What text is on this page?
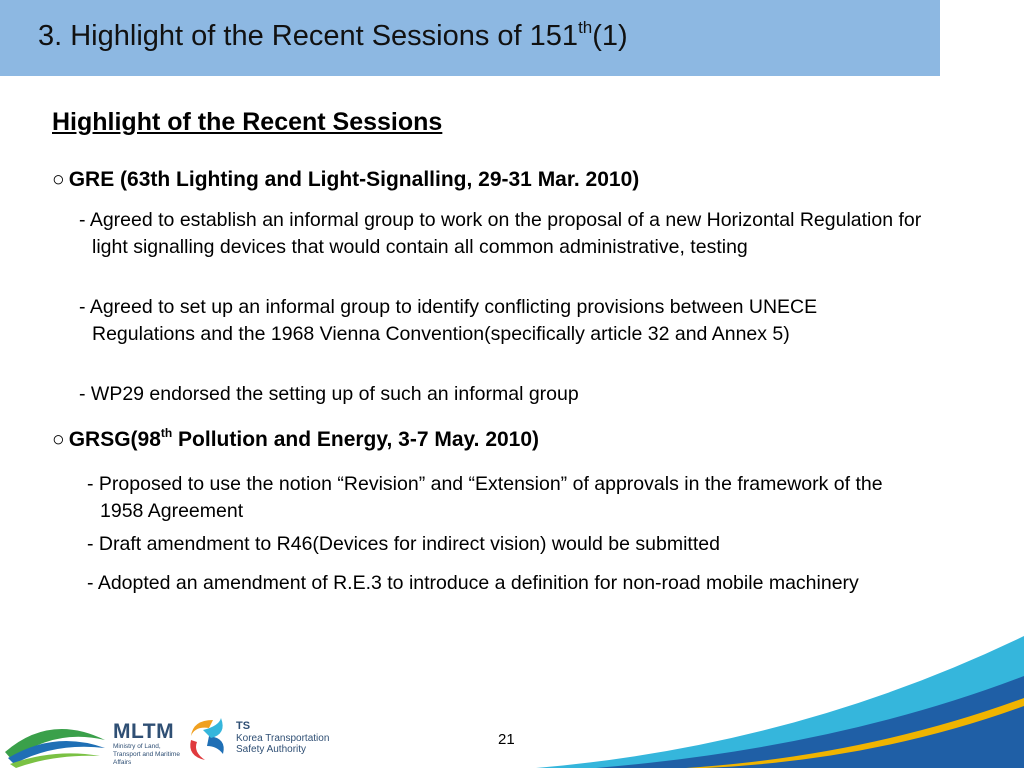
3. Highlight of the Recent Sessions of 151th(1)
Highlight of the Recent Sessions
○ GRE (63th Lighting and Light-Signalling, 29-31 Mar. 2010)
- Agreed to establish an informal group to work on the proposal of a new Horizontal Regulation for light signalling devices that would contain all common administrative, testing
- Agreed to set up an informal group to identify conflicting provisions between UNECE Regulations and the 1968 Vienna Convention(specifically article 32 and Annex 5)
- WP29 endorsed the setting up of such an informal group
○ GRSG(98th Pollution and Energy, 3-7 May. 2010)
- Proposed to use the notion “Revision” and “Extension” of approvals in the framework of the 1958 Agreement
- Draft amendment to R46(Devices for indirect vision) would be submitted
- Adopted an amendment of R.E.3 to introduce a definition for non-road mobile machinery
MLTM
Ministry of Land, Transport and Maritime Affairs
TS
Korea Transportation Safety Authority
21
